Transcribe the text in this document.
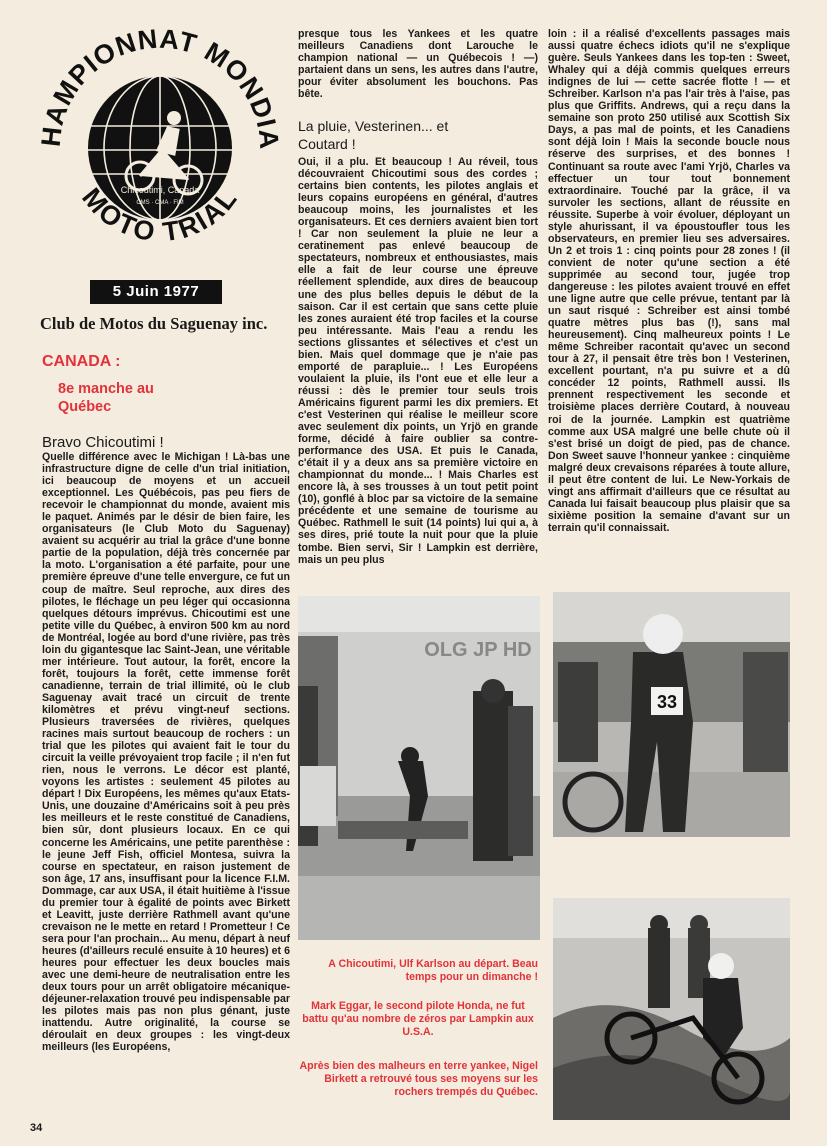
AMPIONNAT MONDI
Chicoutimi, Canada
CMS · CMA · FIM
MOTO TRIAL
5 Juin 1977
Club de Motos du Saguenay inc.
CANADA :
8e manche au Québec
Bravo Chicoutimi !

Quelle différence avec le Michigan ! Là-bas une infrastructure digne de celle d'un trial initiation, ici beaucoup de moyens et un accueil exceptionnel. Les Québécois, pas peu fiers de recevoir le championnat du monde, avaient mis le paquet. Animés par le désir de bien faire, les organisateurs (le Club Moto du Saguenay) avaient su acquérir au trial la grâce d'une bonne partie de la population, déjà très concernée par la moto. L'organisation a été parfaite, pour une première épreuve d'une telle envergure, ce fut un coup de maître. Seul reproche, aux dires des pilotes, le fléchage un peu léger qui occasionna quelques détours imprévus. Chicoutimi est une petite ville du Québec, à environ 500 km au nord de Montréal, logée au bord d'une rivière, pas très loin du gigantesque lac Saint-Jean, une véritable mer intérieure. Tout autour, la forêt, encore la forêt, toujours la forêt, cette immense forêt canadienne, terrain de trial illimité, où le club Saguenay avait tracé un circuit de trente kilomètres et prévu vingt-neuf sections. Plusieurs traversées de rivières, quelques racines mais surtout beaucoup de rochers : un trial que les pilotes qui avaient fait le tour du circuit la veille prévoyaient trop facile ; il n'en fut rien, nous le verrons. Le décor est planté, voyons les artistes : seulement 45 pilotes au départ ! Dix Européens, les mêmes qu'aux Etats-Unis, une douzaine d'Américains soit à peu près les meilleurs et le reste constitué de Canadiens, bien sûr, dont plusieurs locaux. En ce qui concerne les Américains, une petite parenthèse : le jeune Jeff Fish, officiel Montesa, suivra la course en spectateur, en raison justement de son âge, 17 ans, insuffisant pour la licence F.I.M. Dommage, car aux USA, il était huitième à l'issue du premier tour à égalité de points avec Birkett et Leavitt, juste derrière Rathmell avant qu'une crevaison ne le mette en retard ! Prometteur ! Ce sera pour l'an prochain... Au menu, départ à neuf heures (d'ailleurs reculé ensuite à 10 heures) et 6 heures pour effectuer les deux boucles mais avec une demi-heure de neutralisation entre les deux tours pour un arrêt obligatoire mécanique-déjeuner-relaxation trouvé peu indispensable par les pilotes mais pas non plus génant, juste inattendu. Autre originalité, la course se déroulait en deux groupes : les vingt-deux meilleurs (les Européens,

presque tous les Yankees et les quatre meilleurs Canadiens dont Larouche le champion national — un Québecois ! —) partaient dans un sens, les autres dans l'autre, pour éviter absolument les bouchons. Pas bête.

La pluie, Vesterinen... et Coutard !

Oui, il a plu. Et beaucoup ! Au réveil, tous découvraient Chicoutimi sous des cordes ; certains bien contents, les pilotes anglais et leurs copains européens en général, d'autres beaucoup moins, les journalistes et les organisateurs. Et ces derniers avaient bien tort ! Car non seulement la pluie ne leur a ceratinement pas enlevé beaucoup de spectateurs, nombreux et enthousiastes, mais elle a fait de leur course une épreuve réellement splendide, aux dires de beaucoup une des plus belles depuis le début de la saison. Car il est certain que sans cette pluie les zones auraient été trop faciles et la course peu intéressante. Mais l'eau a rendu les sections glissantes et sélectives et c'est un bien. Mais quel dommage que je n'aie pas emporté de parapluie... ! Les Européens voulaient la pluie, ils l'ont eue et elle leur a réussi : dès le premier tour seuls trois Américains figurent parmi les dix premiers. Et c'est Vesterinen qui réalise le meilleur score avec seulement dix points, un Yrjö en grande forme, décidé à faire oublier sa contre-performance des USA. Et puis le Canada, c'était il y a deux ans sa première victoire en championnat du monde... ! Mais Charles est encore là, à ses trousses à un tout petit point (10), gonflé à bloc par sa victoire de la semaine précédente et une semaine de tourisme au Québec. Rathmell le suit (14 points) lui qui a, à ses dires, prié toute la nuit pour que la pluie tombe. Bien servi, Sir ! Lampkin est derrière, mais un peu plus

loin : il a réalisé d'excellents passages mais aussi quatre échecs idiots qu'il ne s'explique guère. Seuls Yankees dans les top-ten : Sweet, Whaley qui a déjà commis quelques erreurs indignes de lui — cette sacrée flotte ! — et Schreiber. Karlson n'a pas l'air très à l'aise, pas plus que Griffits. Andrews, qui a reçu dans la semaine son proto 250 utilisé aux Scottish Six Days, a pas mal de points, et les Canadiens sont déjà loin ! Mais la seconde boucle nous réserve des surprises, et des bonnes ! Continuant sa route avec l'ami Yrjö, Charles va effectuer un tour tout bonnement extraordinaire. Touché par la grâce, il va survoler les sections, allant de réussite en réussite. Superbe à voir évoluer, déployant un style ahurissant, il va époustoufler tous les observateurs, en premier lieu ses adversaires. Un 2 et trois 1 : cinq points pour 28 zones ! (il convient de noter qu'une section a été supprimée au second tour, jugée trop dangereuse : les pilotes avaient trouvé en effet une ligne autre que celle prévue, tentant par là un saut risqué : Schreiber est ainsi tombé quatre mètres plus bas (!), sans mal heureusement). Cinq malheureux points ! Le même Schreiber racontait qu'avec un second tour à 27, il pensait être très bon ! Vesterinen, excellent pourtant, n'a pu suivre et a dû concéder 12 points, Rathmell aussi. Ils prennent respectivement les seconde et troisième places derrière Coutard, à nouveau roi de la journée. Lampkin est quatrième comme aux USA malgré une belle chute où il s'est brisé un doigt de pied, pas de chance. Don Sweet sauve l'honneur yankee : cinquième malgré deux crevaisons réparées à toute allure, il peut être content de lui. Le New-Yorkais de vingt ans affirmait d'ailleurs que ce résultat au Canada lui faisait beaucoup plus plaisir que sa sixième position la semaine d'avant sur un terrain qu'il connaissait.

OLG JP HD
33
A Chicoutimi, Ulf Karlson au départ. Beau temps pour un dimanche !
Mark Eggar, le second pilote Honda, ne fut battu qu'au nombre de zéros par Lampkin aux U.S.A.
Après bien des malheurs en terre yankee, Nigel Birkett a retrouvé tous ses moyens sur les rochers trempés du Québec.
34
